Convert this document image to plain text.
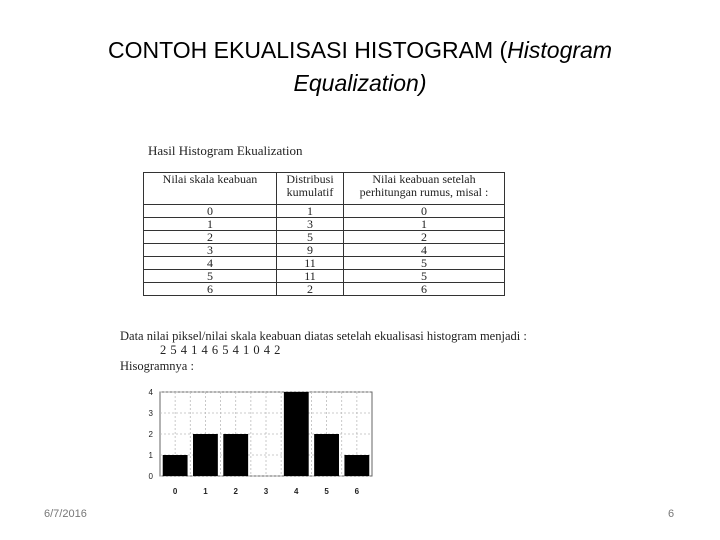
CONTOH EKUALISASI HISTOGRAM (Histogram Equalization)
Hasil Histogram Ekualization
Nilai skala keabuan	Distribusi kumulatif	Nilai keabuan setelah perhitungan rumus, misal :
0	1	0
1	3	1
2	5	2
3	9	4
4	11	5
5	11	5
6	2	6
Data nilai piksel/nilai skala keabuan diatas setelah ekualisasi histogram menjadi :
2 5 4 1 4 6 5 4 1 0 4 2
Hisogramnya :
0
1
2
3
4
0	1	2	3	4	5	6
6/7/2016	6
